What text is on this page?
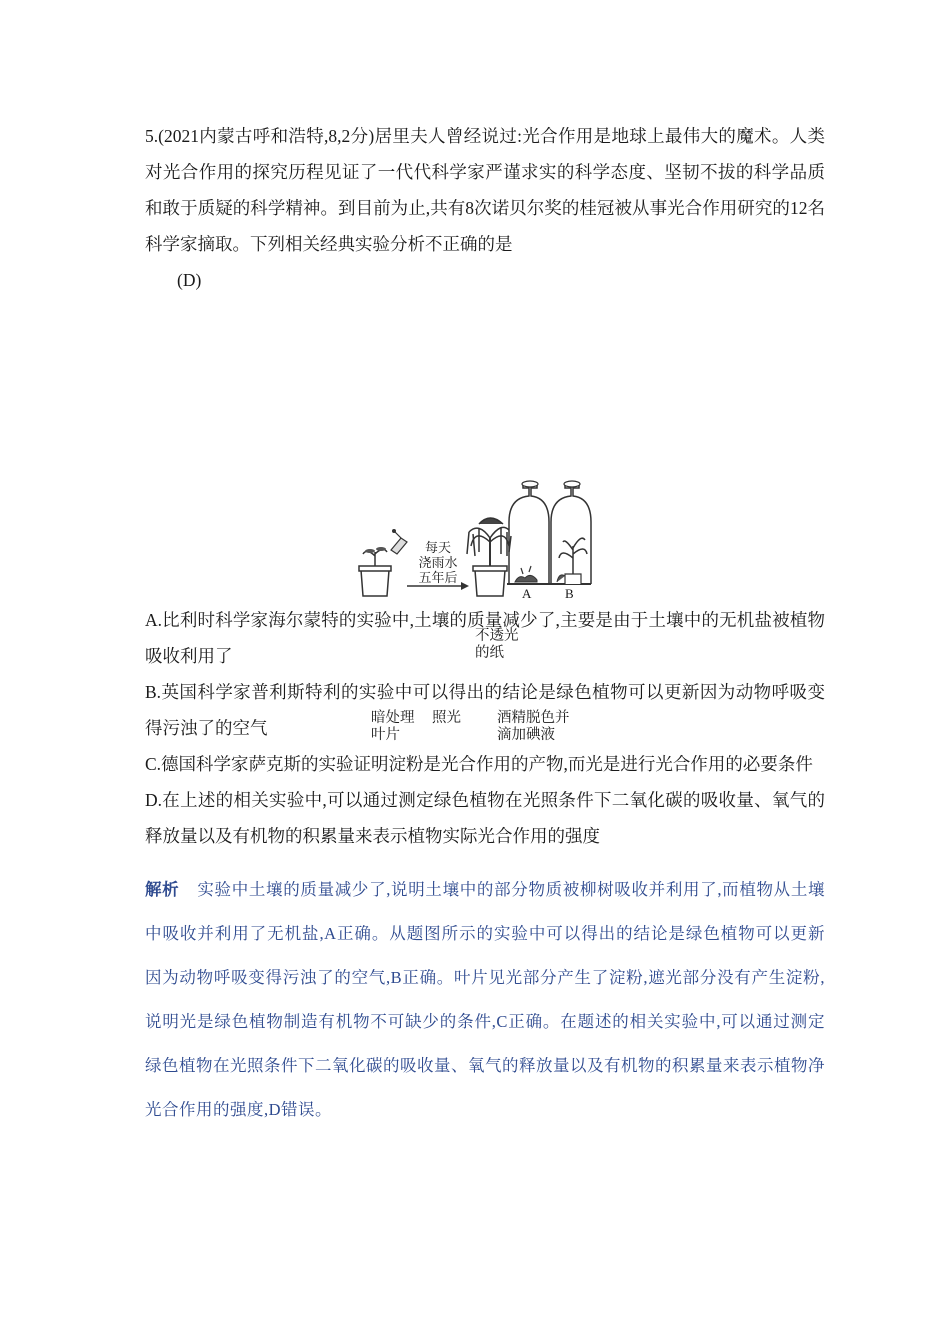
5.(2021内蒙古呼和浩特,8,2分)居里夫人曾经说过:光合作用是地球上最伟大的魔术。人类对光合作用的探究历程见证了一代代科学家严谨求实的科学态度、坚韧不拔的科学品质和敢于质疑的科学精神。到目前为止,共有8次诺贝尔奖的桂冠被从事光合作用研究的12名科学家摘取。下列相关经典实验分析不正确的是

(D)
每天
浇雨水
五年后
A	B
不透光
的纸
暗处理
叶片
照光 酒精脱色并
滴加碘液

A.比利时科学家海尔蒙特的实验中,土壤的质量减少了,主要是由于土壤中的无机盐被植物吸收利用了

B.英国科学家普利斯特利的实验中可以得出的结论是绿色植物可以更新因为动物呼吸变得污浊了的空气

C.德国科学家萨克斯的实验证明淀粉是光合作用的产物,而光是进行光合作用的必要条件

D.在上述的相关实验中,可以通过测定绿色植物在光照条件下二氧化碳的吸收量、氧气的释放量以及有机物的积累量来表示植物实际光合作用的强度

解析 实验中土壤的质量减少了,说明土壤中的部分物质被柳树吸收并利用了,而植物从土壤中吸收并利用了无机盐,A正确。从题图所示的实验中可以得出的结论是绿色植物可以更新因为动物呼吸变得污浊了的空气,B正确。叶片见光部分产生了淀粉,遮光部分没有产生淀粉,说明光是绿色植物制造有机物不可缺少的条件,C正确。在题述的相关实验中,可以通过测定绿色植物在光照条件下二氧化碳的吸收量、氧气的释放量以及有机物的积累量来表示植物净光合作用的强度,D错误。
